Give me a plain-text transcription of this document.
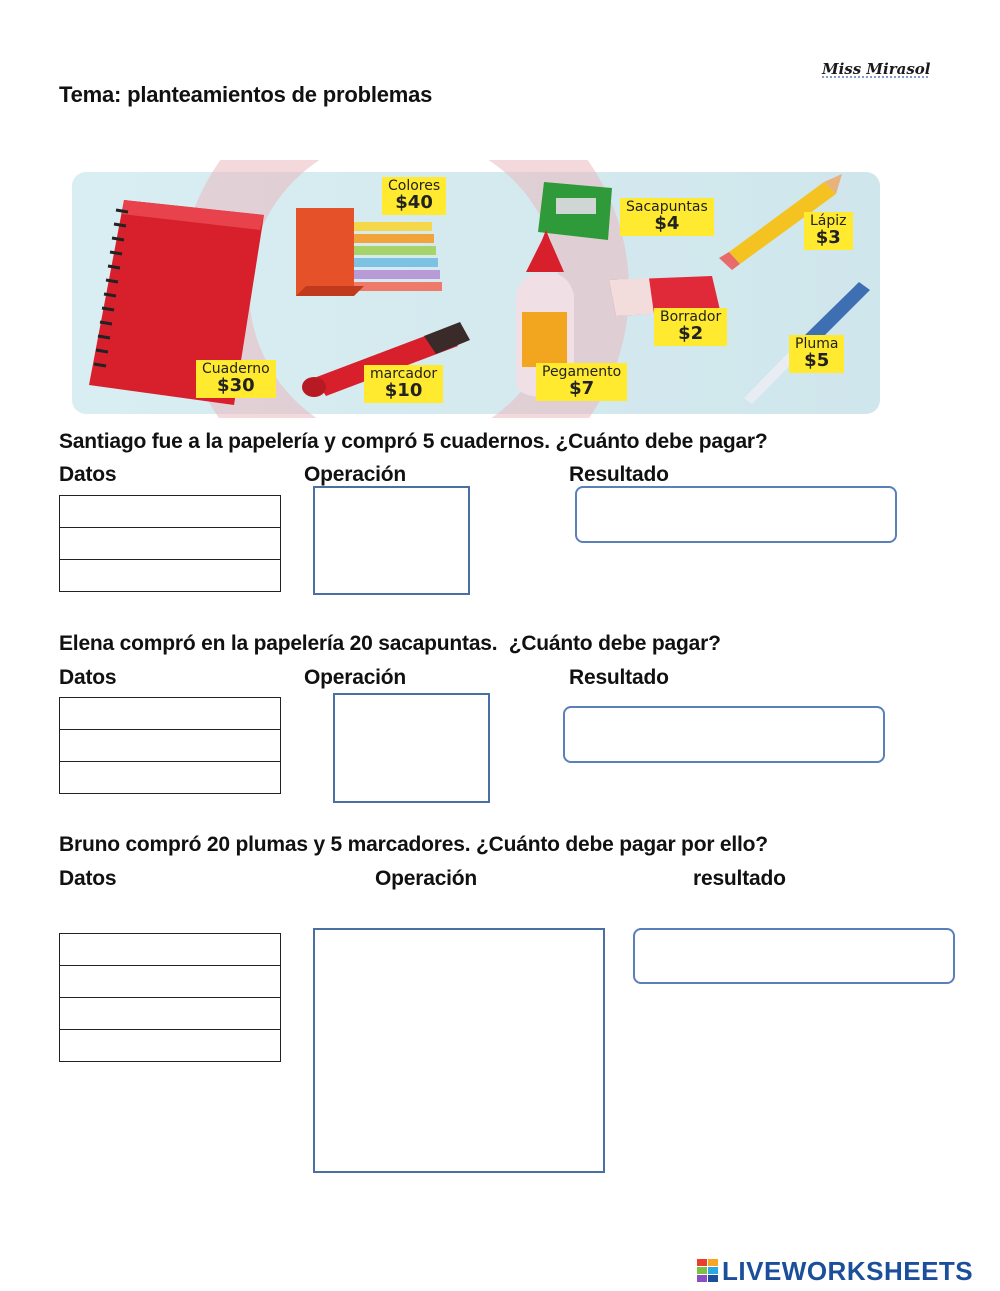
Miss Mirasol
Tema: planteamientos de problemas
Colores
$40	Sacapuntas
$4	Lápiz
$3
Borrador
$2
Pluma
$5
Cuaderno
$30
marcador
$10
Pegamento
$7
Santiago fue a la papelería y compró 5 cuadernos. ¿Cuánto debe pagar?
Datos	Operación	Resultado

Elena compró en la papelería 20 sacapuntas.  ¿Cuánto debe pagar?
Datos	Operación	Resultado

Bruno compró 20 plumas y 5 marcadores. ¿Cuánto debe pagar por ello?
Datos	Operación	resultado

LIVEWORKSHEETS
